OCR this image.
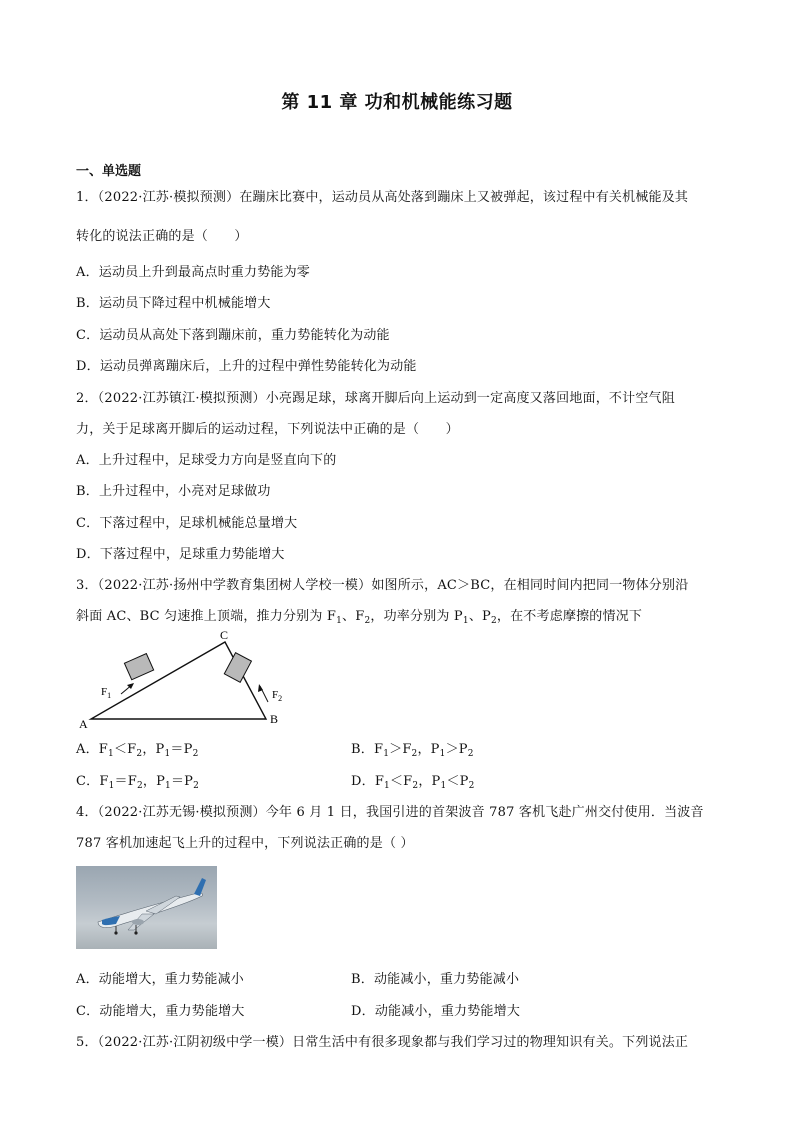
第 11 章 功和机械能练习题
一、单选题
1．（2022·江苏·模拟预测）在蹦床比赛中，运动员从高处落到蹦床上又被弹起，该过程中有关机械能及其
转化的说法正确的是（　　）
A．运动员上升到最高点时重力势能为零
B．运动员下降过程中机械能增大
C．运动员从高处下落到蹦床前，重力势能转化为动能
D．运动员弹离蹦床后，上升的过程中弹性势能转化为动能
2．（2022·江苏镇江·模拟预测）小亮踢足球，球离开脚后向上运动到一定高度又落回地面，不计空气阻
力，关于足球离开脚后的运动过程，下列说法中正确的是（　　）
A．上升过程中，足球受力方向是竖直向下的
B．上升过程中，小亮对足球做功
C．下落过程中，足球机械能总量增大
D．下落过程中，足球重力势能增大
3．（2022·江苏·扬州中学教育集团树人学校一模）如图所示，AC＞BC，在相同时间内把同一物体分别沿
斜面 AC、BC 匀速推上顶端，推力分别为 $F_1$、$F_2$，功率分别为 $P_1$、$P_2$，在不考虑摩擦的情况下
A	B
C
$F_1$	$F_2$
A．$F_1<F_2$，$P_1=P_2$	B．$F_1>F_2$，$P_1>P_2$
C．$F_1=F_2$，$P_1=P_2$	D．$F_1<F_2$，$P_1<P_2$
4．（2022·江苏无锡·模拟预测）今年 6 月 1 日，我国引进的首架波音 787 客机飞赴广州交付使用．当波音
787 客机加速起飞上升的过程中，下列说法正确的是（ ）
A．动能增大，重力势能减小	B．动能减小，重力势能减小
C．动能增大，重力势能增大	D．动能减小，重力势能增大
5．（2022·江苏·江阴初级中学一模）日常生活中有很多现象都与我们学习过的物理知识有关。下列说法正
